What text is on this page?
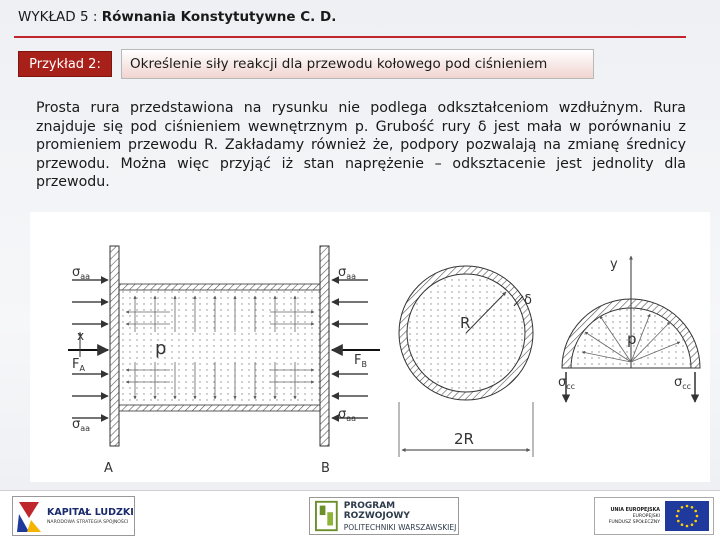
WYKŁAD 5 : Równania Konstytutywne C. D.
Przykład 2:	Określenie siły reakcji dla przewodu kołowego pod ciśnieniem
Prosta rura przedstawiona na rysunku nie podlega odkształceniom wzdłużnym. Rura znajduje się pod ciśnieniem wewnętrznym p. Grubość rury δ jest mała w porównaniu z promieniem przewodu R. Zakładamy również że, podpory pozwalają na zmianę średnicy przewodu. Można więc przyjąć iż stan naprężenie – odksztacenie jest jednolity dla przewodu.
$\sigma_{aa}$
$\sigma_{aa}$
$\sigma_{aa}$
$\sigma_{aa}$
$F_A$
$F_B$
x
p
A	B
R
δ
2R
y
p
$\sigma_{cc}$	$\sigma_{cc}$
KAPITAŁ LUDZKI
NARODOWA STRATEGIA SPÓJNOŚCI
PROGRAM ROZWOJOWY
POLITECHNIKI WARSZAWSKIEJ
UNIA EUROPEJSKA
EUROPEJSKI
FUNDUSZ SPOŁECZNY
